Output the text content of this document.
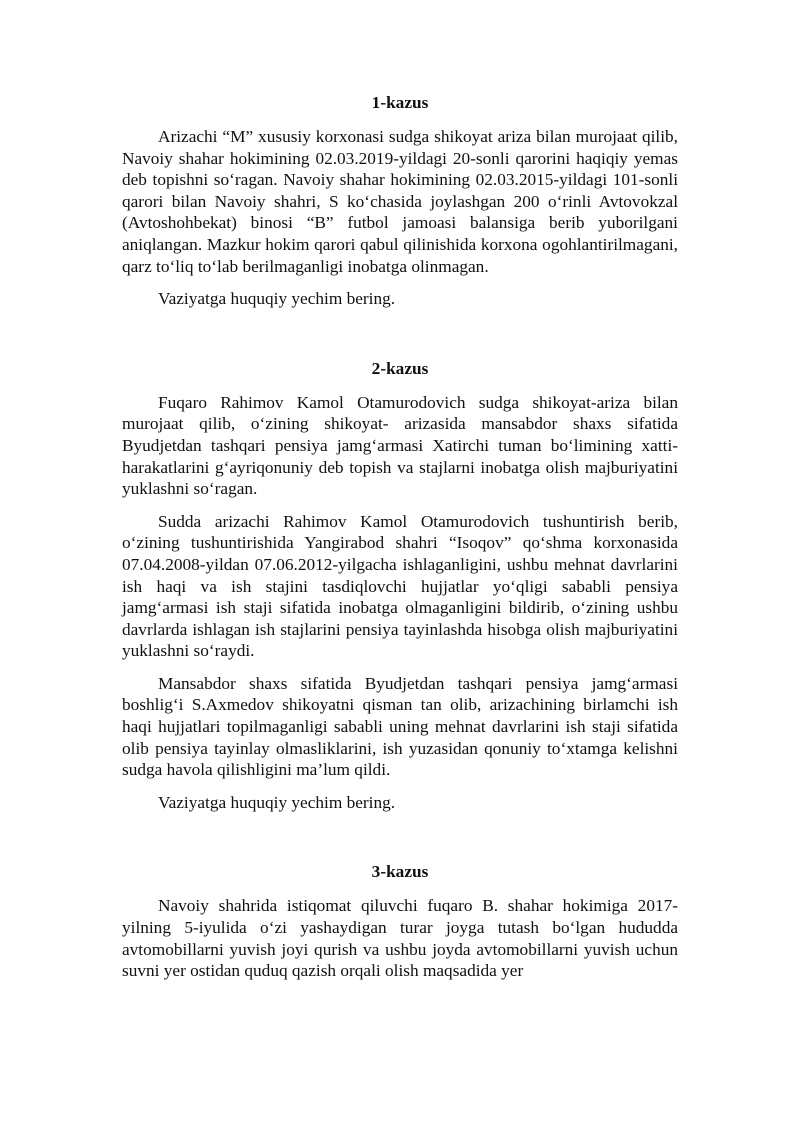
1-kazus

Arizachi “M” xususiy korxonasi sudga shikoyat ariza bilan murojaat qilib, Navoiy shahar hokimining 02.03.2019-yildagi 20-sonli qarorini haqiqiy yemas deb topishni so‘ragan. Navoiy shahar hokimining 02.03.2015-yildagi 101-sonli qarori bilan Navoiy shahri, S ko‘chasida joylashgan 200 o‘rinli Avtovokzal (Avtoshohbekat) binosi “B” futbol jamoasi balansiga berib yuborilgani aniqlangan. Mazkur hokim qarori qabul qilinishida korxona ogohlantirilmagani, qarz to‘liq to‘lab berilmaganligi inobatga olinmagan.

Vaziyatga huquqiy yechim bering.

2-kazus

Fuqaro Rahimov Kamol Otamurodovich sudga shikoyat-ariza bilan murojaat qilib, o‘zining shikoyat- arizasida mansabdor shaxs sifatida Byudjetdan tashqari pensiya jamg‘armasi Xatirchi tuman bo‘limining xatti-harakatlarini g‘ayriqonuniy deb topish va stajlarni inobatga olish majburiyatini yuklashni so‘ragan.

Sudda arizachi Rahimov Kamol Otamurodovich tushuntirish berib, o‘zining tushuntirishida Yangirabod shahri “Isoqov” qo‘shma korxonasida 07.04.2008-yildan 07.06.2012-yilgacha ishlaganligini, ushbu mehnat davrlarini ish haqi va ish stajini tasdiqlovchi hujjatlar yo‘qligi sababli pensiya jamg‘armasi ish staji sifatida inobatga olmaganligini bildirib, o‘zining ushbu davrlarda ishlagan ish stajlarini pensiya tayinlashda hisobga olish majburiyatini yuklashni so‘raydi.

Mansabdor shaxs sifatida Byudjetdan tashqari pensiya jamg‘armasi boshlig‘i S.Axmedov shikoyatni qisman tan olib, arizachining birlamchi ish haqi hujjatlari topilmaganligi sababli uning mehnat davrlarini ish staji sifatida olib pensiya tayinlay olmasliklarini, ish yuzasidan qonuniy to‘xtamga kelishni sudga havola qilishligini ma’lum qildi.

Vaziyatga huquqiy yechim bering.

3-kazus

Navoiy shahrida istiqomat qiluvchi fuqaro B. shahar hokimiga 2017-yilning 5-iyulida o‘zi yashaydigan turar joyga tutash bo‘lgan hududda avtomobillarni yuvish joyi qurish va ushbu joyda avtomobillarni yuvish uchun suvni yer ostidan quduq qazish orqali olish maqsadida yer
